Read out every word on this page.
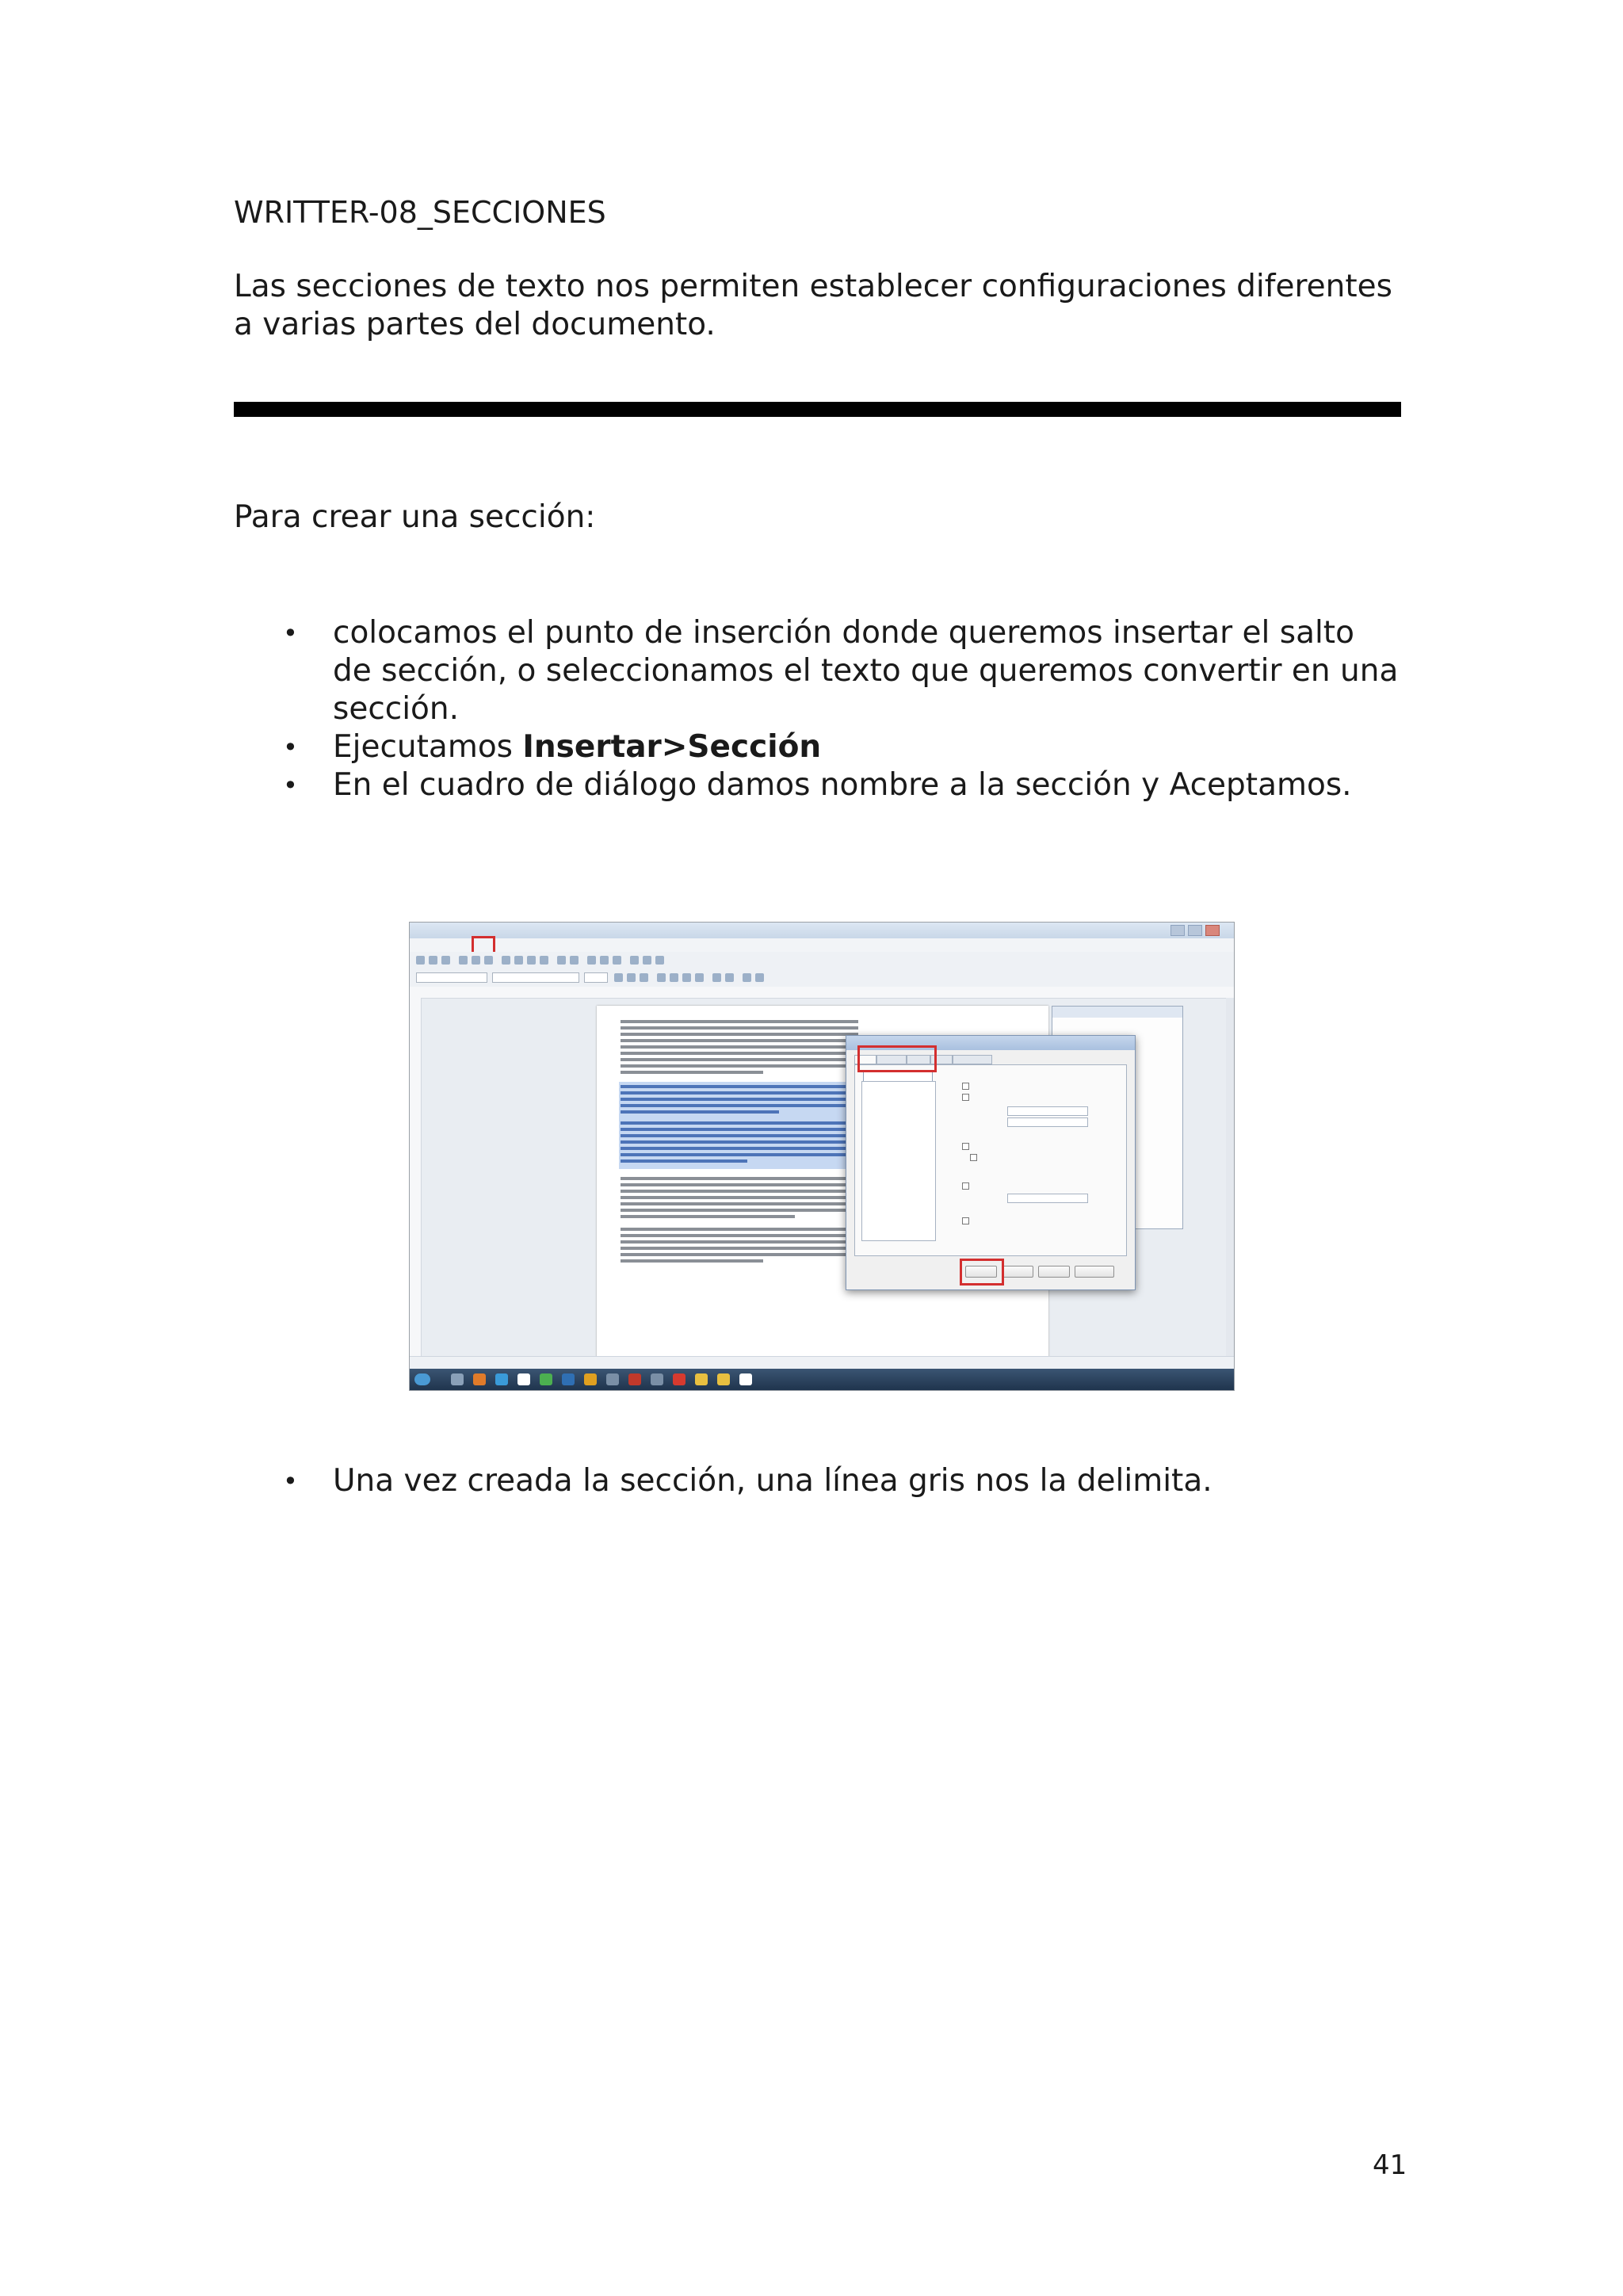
WRITTER-08_SECCIONES
Las secciones de texto nos permiten establecer configuraciones diferentes a varias partes del documento.
Para crear una sección:
• colocamos el punto de inserción donde queremos insertar el salto de sección, o seleccionamos el texto que queremos convertir en una sección.
• Ejecutamos Insertar>Sección
• En el cuadro de diálogo damos nombre a la sección y Aceptamos.
• Una vez creada la sección, una línea gris nos la delimita.
41
